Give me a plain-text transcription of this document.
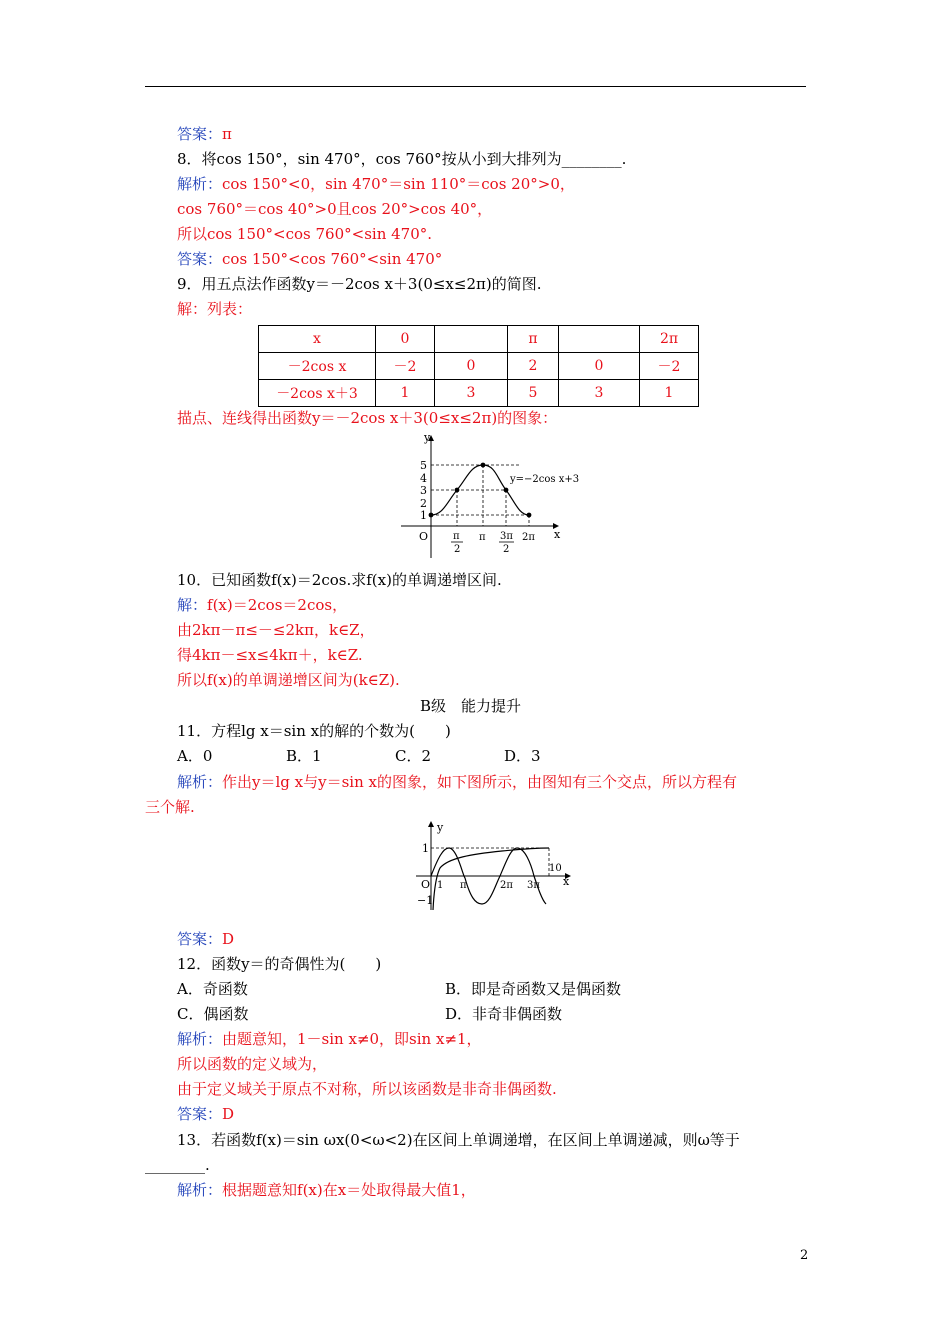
答案：π
8．将cos 150°，sin 470°，cos 760°按从小到大排列为________.
解析：cos 150°<0，sin 470°＝sin 110°＝cos 20°>0，
cos 760°＝cos 40°>0且cos 20°>cos 40°，
所以cos 150°<cos 760°<sin 470°.
答案：cos 150°<cos 760°<sin 470°
9．用五点法作函数y＝－2cos x＋3(0≤x≤2π)的简图.
解：列表：
x	0		π		2π
－2cos x	－2	0	2	0	－2
－2cos x＋3	1	3	5	3	1
描点、连线得出函数y＝－2cos x＋3(0≤x≤2π)的图象：
y
x
O
5
4
3
2
1
π
2
π 3π
2
2π
y=−2cos x+3
10．已知函数f(x)＝2cos.求f(x)的单调递增区间.
解：f(x)＝2cos＝2cos，
由2kπ－π≤－≤2kπ，k∈Z，
得4kπ－≤x≤4kπ＋，k∈Z.
所以f(x)的单调递增区间为(k∈Z).
B级　能力提升
11．方程lg x＝sin x的解的个数为(　　)
A．0	B．1	C．2	D．3
解析：作出y＝lg x与y＝sin x的图象，如下图所示，由图知有三个交点，所以方程有
三个解.
y
x
O
1
−1
10
1 π	2π 3π
答案：D
12．函数y＝的奇偶性为(　　)
A．奇函数	B．即是奇函数又是偶函数
C．偶函数	D．非奇非偶函数
解析：由题意知，1－sin x≠0，即sin x≠1，
所以函数的定义域为，
由于定义域关于原点不对称，所以该函数是非奇非偶函数.
答案：D
13．若函数f(x)＝sin ωx(0<ω<2)在区间上单调递增，在区间上单调递减，则ω等于
________.
解析：根据题意知f(x)在x＝处取得最大值1，
2
